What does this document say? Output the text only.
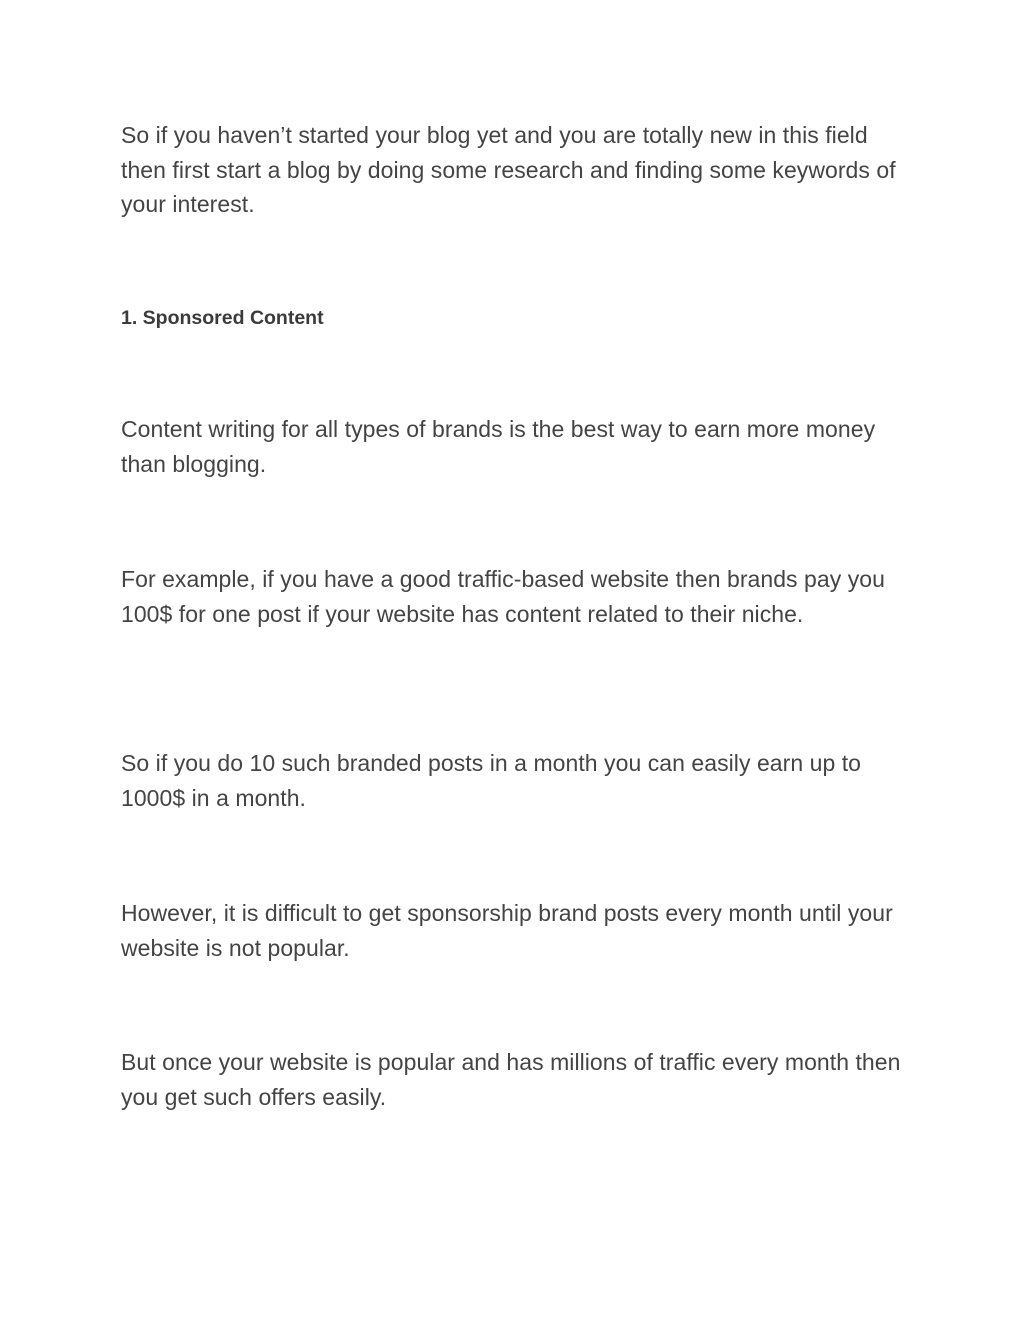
So if you haven’t started your blog yet and you are totally new in this field then first start a blog by doing some research and finding some keywords of your interest.

1. Sponsored Content

Content writing for all types of brands is the best way to earn more money than blogging.

For example, if you have a good traffic-based website then brands pay you 100$ for one post if your website has content related to their niche.

So if you do 10 such branded posts in a month you can easily earn up to 1000$ in a month.

However, it is difficult to get sponsorship brand posts every month until your website is not popular.

But once your website is popular and has millions of traffic every month then you get such offers easily.
